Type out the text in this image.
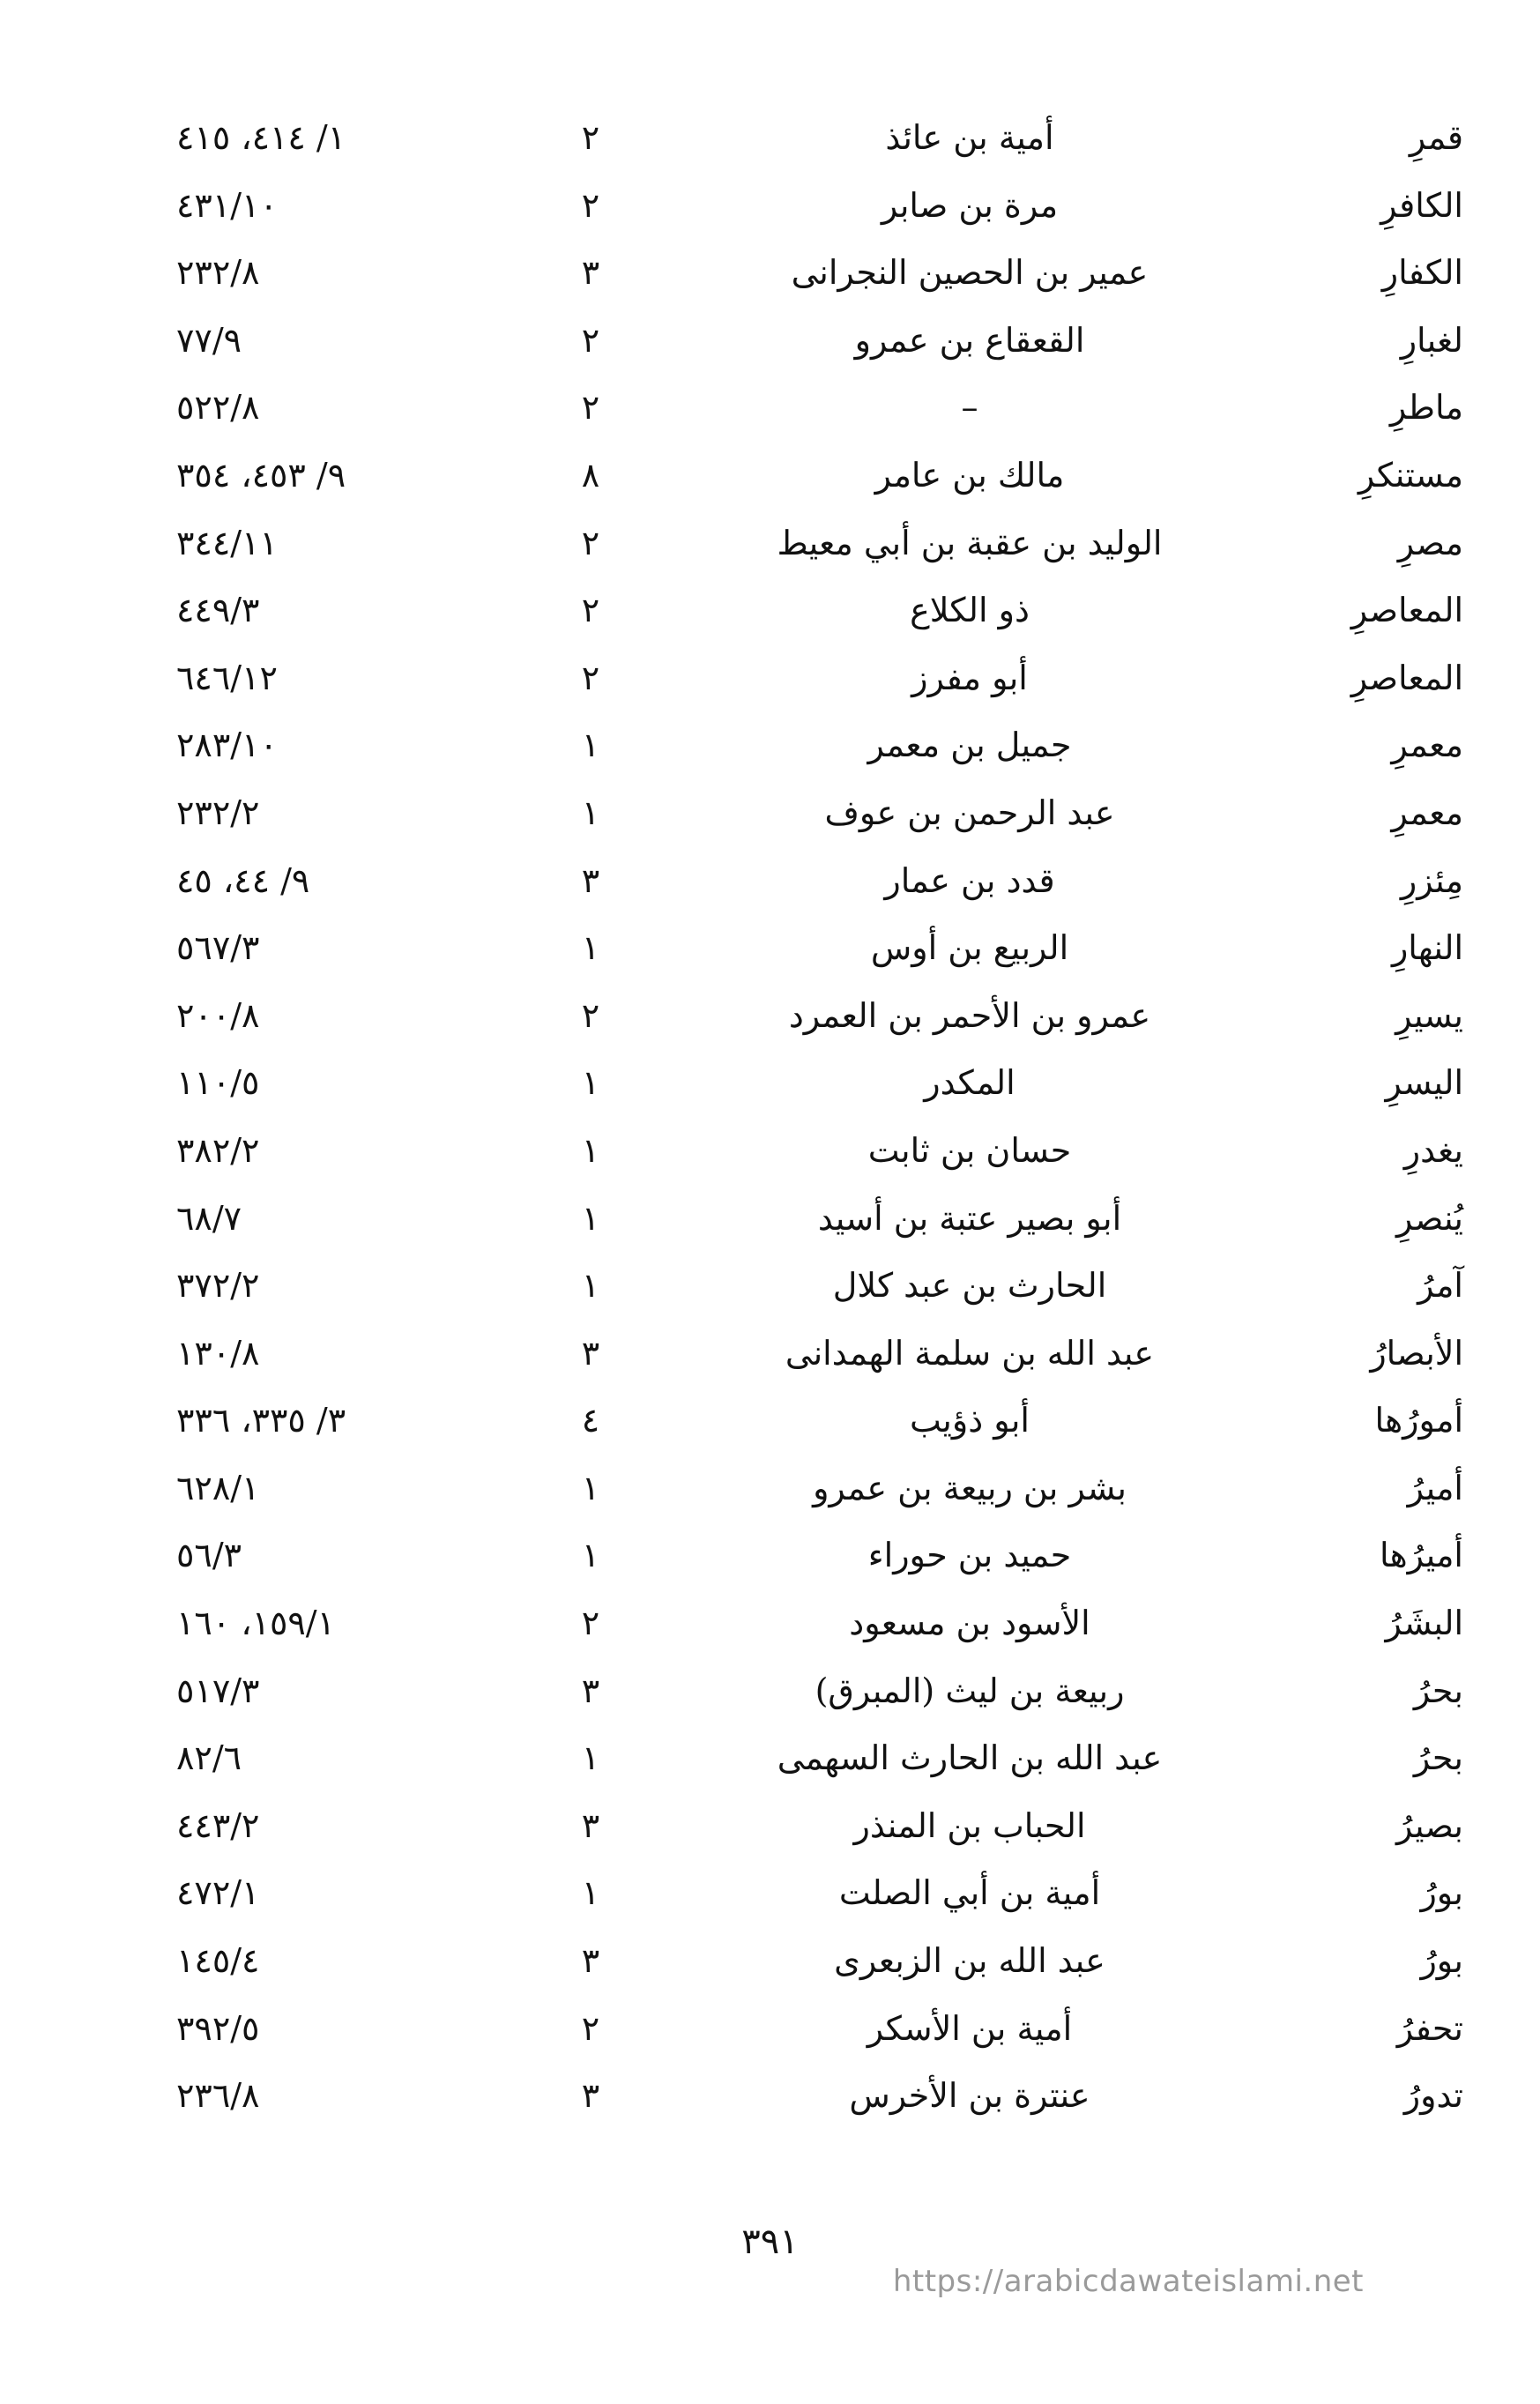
قمرِ
أمية بن عائذ
٢
١/ ٤١٤، ٤١٥
الكافرِ
مرة بن صابر
٢
٤٣١/١٠
الكفارِ
عمير بن الحصين النجرانى
٣
٢٣٢/٨
لغبارِ
القعقاع بن عمرو
٢
٧٧/٩
ماطرِ
–
٢
٥٢٢/٨
مستنكرِ
مالك بن عامر
٨
٩/ ٤٥٣، ٣٥٤
مصرِ
الوليد بن عقبة بن أبي معيط
٢
٣٤٤/١١
المعاصرِ
ذو الكلاع
٢
٤٤٩/٣
المعاصرِ
أبو مفرز
٢
٦٤٦/١٢
معمرِ
جميل بن معمر
١
٢٨٣/١٠
معمرِ
عبد الرحمن بن عوف
١
٢٣٢/٢
مِئزرِ
قدد بن عمار
٣
٩/ ٤٤، ٤٥
النهارِ
الربيع بن أوس
١
٥٦٧/٣
يسيرِ
عمرو بن الأحمر بن العمرد
٢
٢٠٠/٨
اليسرِ
المكدر
١
١١٠/٥
يغدرِ
حسان بن ثابت
١
٣٨٢/٢
يُنصرِ
أبو بصير عتبة بن أسيد
١
٦٨/٧
آمرُ
الحارث بن عبد كلال
١
٣٧٢/٢
الأبصارُ
عبد الله بن سلمة الهمدانى
٣
١٣٠/٨
أمورُها
أبو ذؤيب
٤
٣/ ٣٣٥، ٣٣٦
أميرُ
بشر بن ربيعة بن عمرو
١
٦٢٨/١
أميرُها
حميد بن حوراء
١
٥٦/٣
البشَرُ
الأسود بن مسعود
٢
١٥٩/١، ١٦٠
بحرُ
ربيعة بن ليث (المبرق)
٣
٥١٧/٣
بحرُ
عبد الله بن الحارث السهمى
١
٨٢/٦
بصيرُ
الحباب بن المنذر
٣
٤٤٣/٢
بورُ
أمية بن أبي الصلت
١
٤٧٢/١
بورُ
عبد الله بن الزبعرى
٣
١٤٥/٤
تحفرُ
أمية بن الأسكر
٢
٣٩٢/٥
تدورُ
عنترة بن الأخرس
٣
٢٣٦/٨
٣٩١
https://arabicdawateislami.net
